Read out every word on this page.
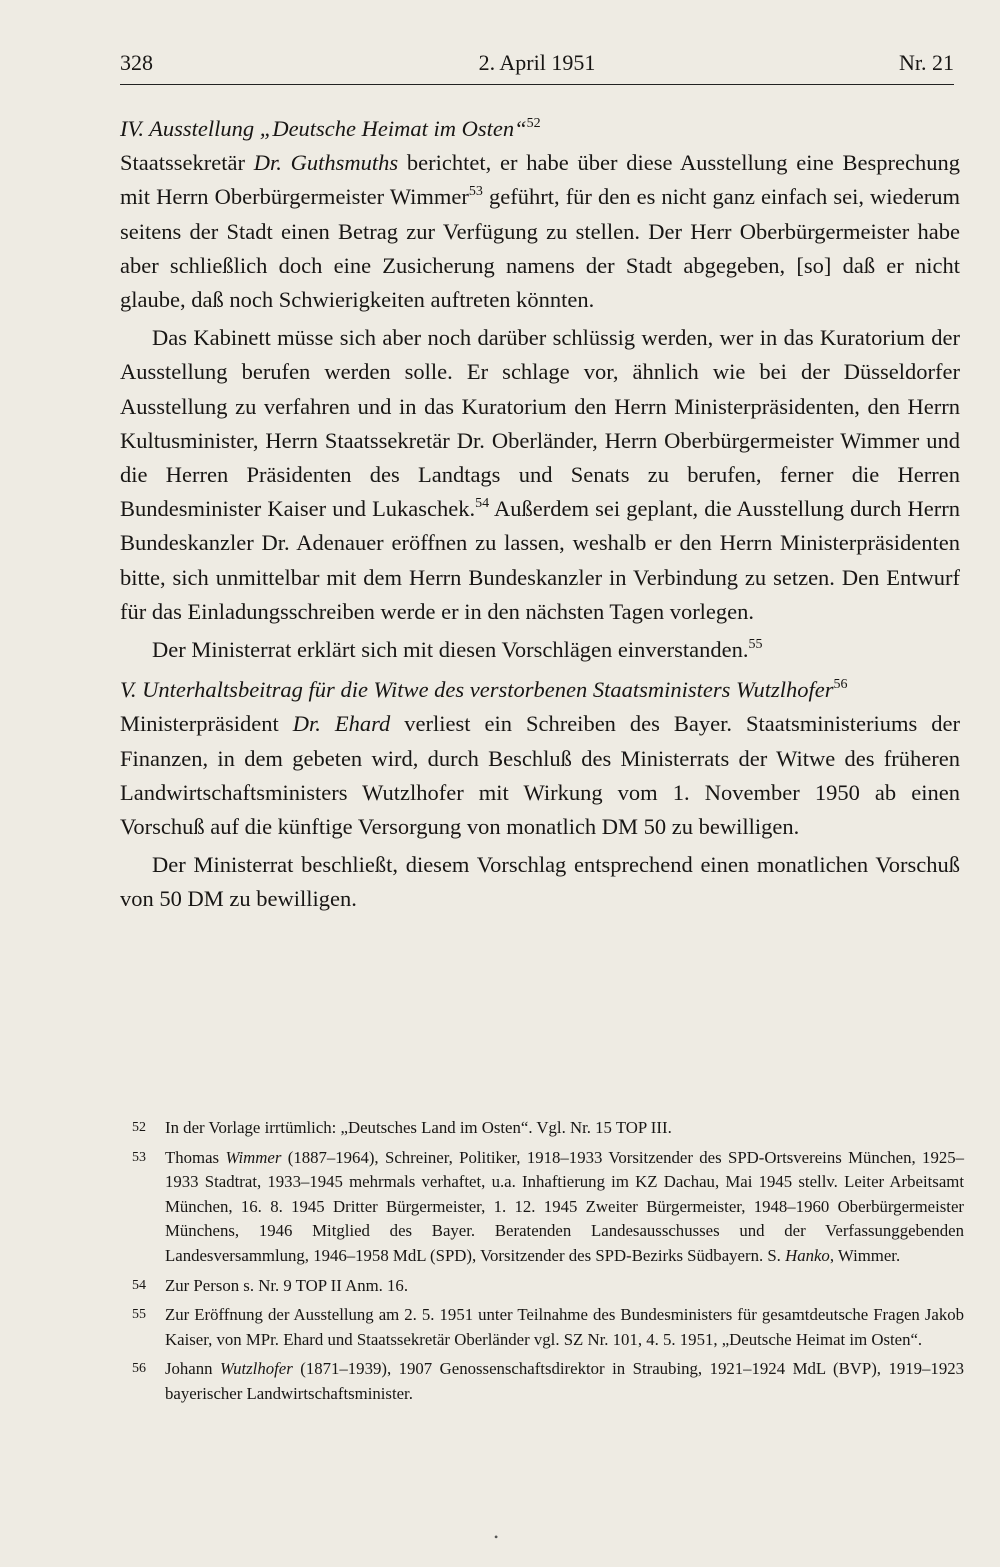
328	2. April 1951	Nr. 21

IV. Ausstellung „Deutsche Heimat im Osten“$^{52}$

Staatssekretär Dr. Guthsmuths berichtet, er habe über diese Ausstellung eine Besprechung mit Herrn Oberbürgermeister Wimmer$^{53}$ geführt, für den es nicht ganz einfach sei, wiederum seitens der Stadt einen Betrag zur Verfügung zu stellen. Der Herr Oberbürgermeister habe aber schließlich doch eine Zusicherung namens der Stadt abgegeben, [so] daß er nicht glaube, daß noch Schwierigkeiten auftreten könnten.

Das Kabinett müsse sich aber noch darüber schlüssig werden, wer in das Kuratorium der Ausstellung berufen werden solle. Er schlage vor, ähnlich wie bei der Düsseldorfer Ausstellung zu verfahren und in das Kuratorium den Herrn Ministerpräsidenten, den Herrn Kultusminister, Herrn Staatssekretär Dr. Oberländer, Herrn Oberbürgermeister Wimmer und die Herren Präsidenten des Landtags und Senats zu berufen, ferner die Herren Bundesminister Kaiser und Lukaschek.$^{54}$ Außerdem sei geplant, die Ausstellung durch Herrn Bundeskanzler Dr. Adenauer eröffnen zu lassen, weshalb er den Herrn Ministerpräsidenten bitte, sich unmittelbar mit dem Herrn Bundeskanzler in Verbindung zu setzen. Den Entwurf für das Einladungsschreiben werde er in den nächsten Tagen vorlegen.

Der Ministerrat erklärt sich mit diesen Vorschlägen einverstanden.$^{55}$

V. Unterhaltsbeitrag für die Witwe des verstorbenen Staatsministers Wutzlhofer$^{56}$

Ministerpräsident Dr. Ehard verliest ein Schreiben des Bayer. Staatsministeriums der Finanzen, in dem gebeten wird, durch Beschluß des Ministerrats der Witwe des früheren Landwirtschaftsministers Wutzlhofer mit Wirkung vom 1. November 1950 ab einen Vorschuß auf die künftige Versorgung von monatlich DM 50 zu bewilligen.

Der Ministerrat beschließt, diesem Vorschlag entsprechend einen monatlichen Vorschuß von 50 DM zu bewilligen.

52 In der Vorlage irrtümlich: „Deutsches Land im Osten“. Vgl. Nr. 15 TOP III.
53 Thomas Wimmer (1887–1964), Schreiner, Politiker, 1918–1933 Vorsitzender des SPD-Ortsvereins München, 1925–1933 Stadtrat, 1933–1945 mehrmals verhaftet, u.a. Inhaftierung im KZ Dachau, Mai 1945 stellv. Leiter Arbeitsamt München, 16. 8. 1945 Dritter Bürgermeister, 1. 12. 1945 Zweiter Bürgermeister, 1948–1960 Oberbürgermeister Münchens, 1946 Mitglied des Bayer. Beratenden Landesausschusses und der Verfassunggebenden Landesversammlung, 1946–1958 MdL (SPD), Vorsitzender des SPD-Bezirks Südbayern. S. Hanko, Wimmer.
54 Zur Person s. Nr. 9 TOP II Anm. 16.
55 Zur Eröffnung der Ausstellung am 2. 5. 1951 unter Teilnahme des Bundesministers für gesamtdeutsche Fragen Jakob Kaiser, von MPr. Ehard und Staatssekretär Oberländer vgl. SZ Nr. 101, 4. 5. 1951, „Deutsche Heimat im Osten“.
56 Johann Wutzlhofer (1871–1939), 1907 Genossenschaftsdirektor in Straubing, 1921–1924 MdL (BVP), 1919–1923 bayerischer Landwirtschaftsminister.
•
